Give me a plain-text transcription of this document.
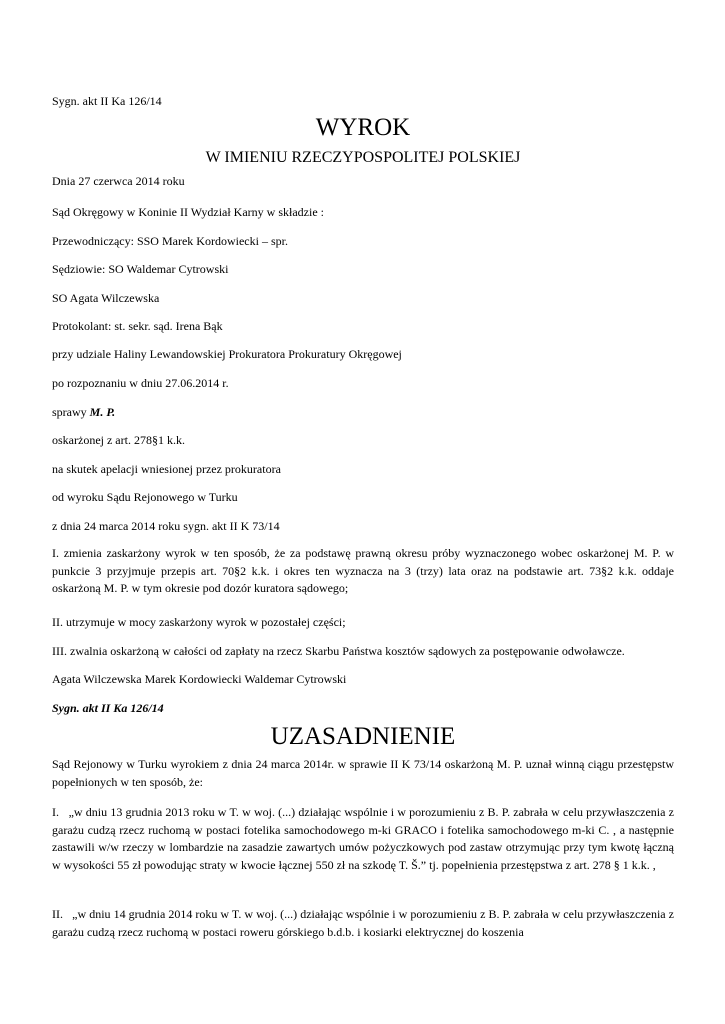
Sygn. akt II Ka 126/14
WYROK
W IMIENIU RZECZYPOSPOLITEJ POLSKIEJ
Dnia 27 czerwca 2014 roku
Sąd Okręgowy w Koninie II Wydział Karny w składzie :
Przewodniczący: SSO Marek Kordowiecki – spr.
Sędziowie: SO Waldemar Cytrowski
SO Agata Wilczewska
Protokolant: st. sekr. sąd. Irena Bąk
przy udziale Haliny Lewandowskiej Prokuratora Prokuratury Okręgowej
po rozpoznaniu w dniu 27.06.2014 r.
sprawy M. P.
oskarżonej z art. 278§1 k.k.
na skutek apelacji wniesionej przez prokuratora
od wyroku Sądu Rejonowego w Turku
z dnia 24 marca 2014 roku sygn. akt II K 73/14
I. zmienia zaskarżony wyrok w ten sposób, że za podstawę prawną okresu próby wyznaczonego wobec oskarżonej M. P. w punkcie 3 przyjmuje przepis art. 70§2 k.k. i okres ten wyznacza na 3 (trzy) lata oraz na podstawie art. 73§2 k.k. oddaje oskarżoną M. P. w tym okresie pod dozór kuratora sądowego;
II. utrzymuje w mocy zaskarżony wyrok w pozostałej części;
III. zwalnia oskarżoną w całości od zapłaty na rzecz Skarbu Państwa kosztów sądowych za postępowanie odwoławcze.
Agata Wilczewska Marek Kordowiecki Waldemar Cytrowski
Sygn. akt II Ka 126/14
UZASADNIENIE
Sąd Rejonowy w Turku wyrokiem z dnia 24 marca 2014r. w sprawie II K 73/14 oskarżoną M. P. uznał winną ciągu przestępstw popełnionych w ten sposób, że:
I. „w dniu 13 grudnia 2013 roku w T. w woj. (...) działając wspólnie i w porozumieniu z B. P. zabrała w celu przywłaszczenia z garażu cudzą rzecz ruchomą w postaci fotelika samochodowego m-ki GRACO i fotelika samochodowego m-ki C. , a następnie zastawili w/w rzeczy w lombardzie na zasadzie zawartych umów pożyczkowych pod zastaw otrzymując przy tym kwotę łączną w wysokości 55 zł powodując straty w kwocie łącznej 550 zł na szkodę T. Š.” tj. popełnienia przestępstwa z art. 278 § 1 k.k. ,
II. „w dniu 14 grudnia 2014 roku w T. w woj. (...) działając wspólnie i w porozumieniu z B. P. zabrała w celu przywłaszczenia z garażu cudzą rzecz ruchomą w postaci roweru górskiego b.d.b. i kosiarki elektrycznej do koszenia
